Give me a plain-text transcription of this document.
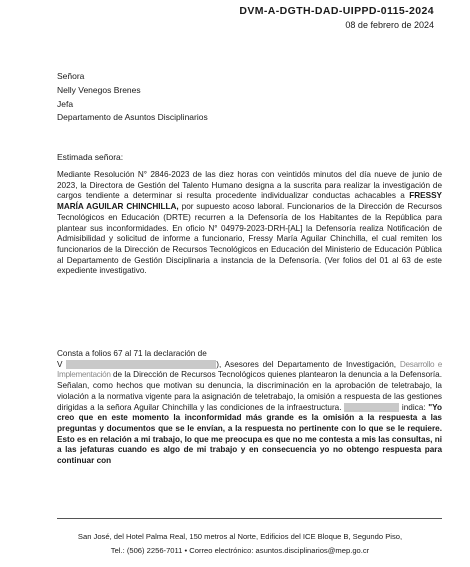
DVM-A-DGTH-DAD-UIPPD-0115-2024
08 de febrero de 2024
Señora
Nelly Venegos Brenes
Jefa
Departamento de Asuntos Disciplinarios
Estimada señora:

Mediante Resolución N° 2846-2023 de las diez horas con veintidós minutos del día nueve de junio de 2023, la Directora de Gestión del Talento Humano designa a la suscrita para realizar la investigación de cargos tendiente a determinar si resulta procedente individualizar conductas achacables a FRESSY MARÍA AGUILAR CHINCHILLA, por supuesto acoso laboral. Funcionarios de la Dirección de Recursos Tecnológicos en Educación (DRTE) recurren a la Defensoría de los Habitantes de la República para plantear sus inconformidades. En oficio N° 04979-2023-DRH-[AL] la Defensoría realiza Notificación de Admisibilidad y solicitud de informe a funcionario, Fressy María Aguilar Chinchilla, el cual remiten los funcionarios de la Dirección de Recursos Tecnológicos en Educación del Ministerio de Educación Pública al Departamento de Gestión Disciplinaria a instancia de la Defensoría. (Ver folios del 01 al 63 de este expediente investigativo.

Consta a folios 67 al 71 la declaración de
V	), Asesores del Departamento de Investigación, Desarrollo e Implementación de la Dirección de Recursos Tecnológicos quienes plantearon la denuncia a la Defensoría. Señalan, como hechos que motivan su denuncia, la discriminación en la aprobación de teletrabajo, la violación a la normativa vigente para la asignación de teletrabajo, la omisión a respuesta de las gestiones dirigidas a la señora Aguilar Chinchilla y las condiciones de la infraestructura.	indica: "Yo creo que en este momento la inconformidad más grande es la omisión a la respuesta a las preguntas y documentos que se le envían, a la respuesta no pertinente con lo que se le requiere. Esto es en relación a mi trabajo, lo que me preocupa es que no me contesta a mis las consultas, ni a las jefaturas cuando es algo de mi trabajo y en consecuencia yo no obtengo respuesta para continuar con

San José, del Hotel Palma Real, 150 metros al Norte, Edificios del ICE Bloque B, Segundo Piso,
Tel.: (506) 2256-7011 • Correo electrónico: asuntos.disciplinarios@mep.go.cr
